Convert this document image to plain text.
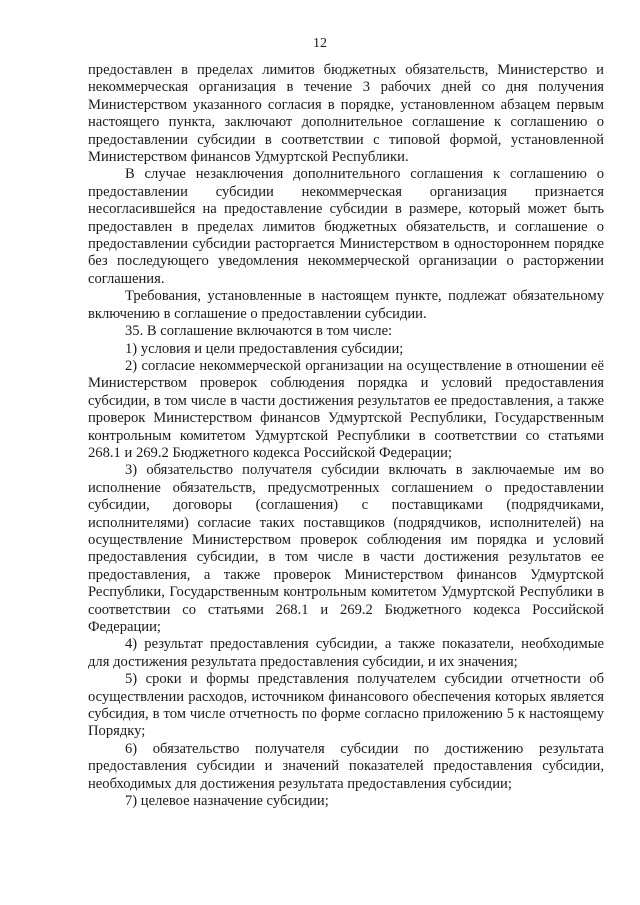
12

предоставлен в пределах лимитов бюджетных обязательств, Министерство и некоммерческая организация в течение 3 рабочих дней со дня получения Министерством указанного согласия в порядке, установленном абзацем первым настоящего пункта, заключают дополнительное соглашение к соглашению о предоставлении субсидии в соответствии с типовой формой, установленной Министерством финансов Удмуртской Республики.

В случае незаключения дополнительного соглашения к соглашению о предоставлении субсидии некоммерческая организация признается несогласившейся на предоставление субсидии в размере, который может быть предоставлен в пределах лимитов бюджетных обязательств, и соглашение о предоставлении субсидии расторгается Министерством в одностороннем порядке без последующего уведомления некоммерческой организации о расторжении соглашения.

Требования, установленные в настоящем пункте, подлежат обязательному включению в соглашение о предоставлении субсидии.

35. В соглашение включаются в том числе:

1) условия и цели предоставления субсидии;

2) согласие некоммерческой организации на осуществление в отношении её Министерством проверок соблюдения порядка и условий предоставления субсидии, в том числе в части достижения результатов ее предоставления, а также проверок Министерством финансов Удмуртской Республики, Государственным контрольным комитетом Удмуртской Республики в соответствии со статьями 268.1 и 269.2 Бюджетного кодекса Российской Федерации;

3) обязательство получателя субсидии включать в заключаемые им во исполнение обязательств, предусмотренных соглашением о предоставлении субсидии, договоры (соглашения) с поставщиками (подрядчиками, исполнителями) согласие таких поставщиков (подрядчиков, исполнителей) на осуществление Министерством проверок соблюдения им порядка и условий предоставления субсидии, в том числе в части достижения результатов ее предоставления, а также проверок Министерством финансов Удмуртской Республики, Государственным контрольным комитетом Удмуртской Республики в соответствии со статьями 268.1 и 269.2 Бюджетного кодекса Российской Федерации;

4) результат предоставления субсидии, а также показатели, необходимые для достижения результата предоставления субсидии, и их значения;

5) сроки и формы представления получателем субсидии отчетности об осуществлении расходов, источником финансового обеспечения которых является субсидия, в том числе отчетность по форме согласно приложению 5 к настоящему Порядку;

6) обязательство получателя субсидии по достижению результата предоставления субсидии и значений показателей предоставления субсидии, необходимых для достижения результата предоставления субсидии;

7) целевое назначение субсидии;
